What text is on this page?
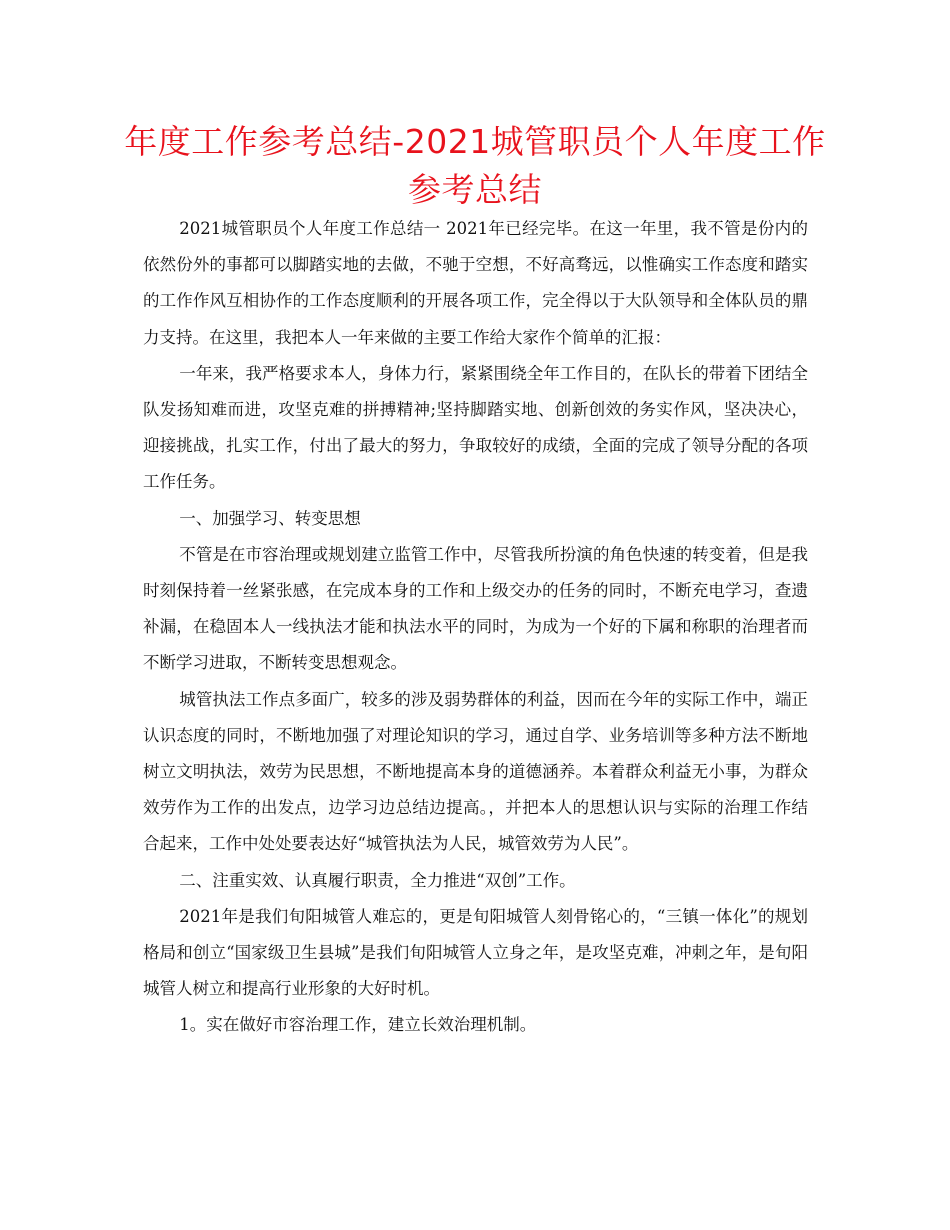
年度工作参考总结-2021城管职员个人年度工作参考总结

2021城管职员个人年度工作总结一 2021年已经完毕。在这一年里，我不管是份内的依然份外的事都可以脚踏实地的去做，不驰于空想，不好高骛远，以惟确实工作态度和踏实的工作作风互相协作的工作态度顺利的开展各项工作，完全得以于大队领导和全体队员的鼎力支持。在这里，我把本人一年来做的主要工作给大家作个简单的汇报：

一年来，我严格要求本人，身体力行，紧紧围绕全年工作目的，在队长的带着下团结全队发扬知难而进，攻坚克难的拼搏精神;坚持脚踏实地、创新创效的务实作风，坚决决心，迎接挑战，扎实工作，付出了最大的努力，争取较好的成绩，全面的完成了领导分配的各项工作任务。

一、加强学习、转变思想

不管是在市容治理或规划建立监管工作中，尽管我所扮演的角色快速的转变着，但是我时刻保持着一丝紧张感，在完成本身的工作和上级交办的任务的同时，不断充电学习，查遗补漏，在稳固本人一线执法才能和执法水平的同时，为成为一个好的下属和称职的治理者而不断学习进取，不断转变思想观念。

城管执法工作点多面广，较多的涉及弱势群体的利益，因而在今年的实际工作中，端正认识态度的同时，不断地加强了对理论知识的学习，通过自学、业务培训等多种方法不断地树立文明执法，效劳为民思想，不断地提高本身的道德涵养。本着群众利益无小事，为群众效劳作为工作的出发点，边学习边总结边提高。，并把本人的思想认识与实际的治理工作结合起来，工作中处处要表达好“城管执法为人民，城管效劳为人民”。

二、注重实效、认真履行职责，全力推进“双创”工作。

2021年是我们旬阳城管人难忘的，更是旬阳城管人刻骨铭心的，“三镇一体化”的规划格局和创立“国家级卫生县城”是我们旬阳城管人立身之年，是攻坚克难，冲刺之年，是旬阳城管人树立和提高行业形象的大好时机。

1。实在做好市容治理工作，建立长效治理机制。
